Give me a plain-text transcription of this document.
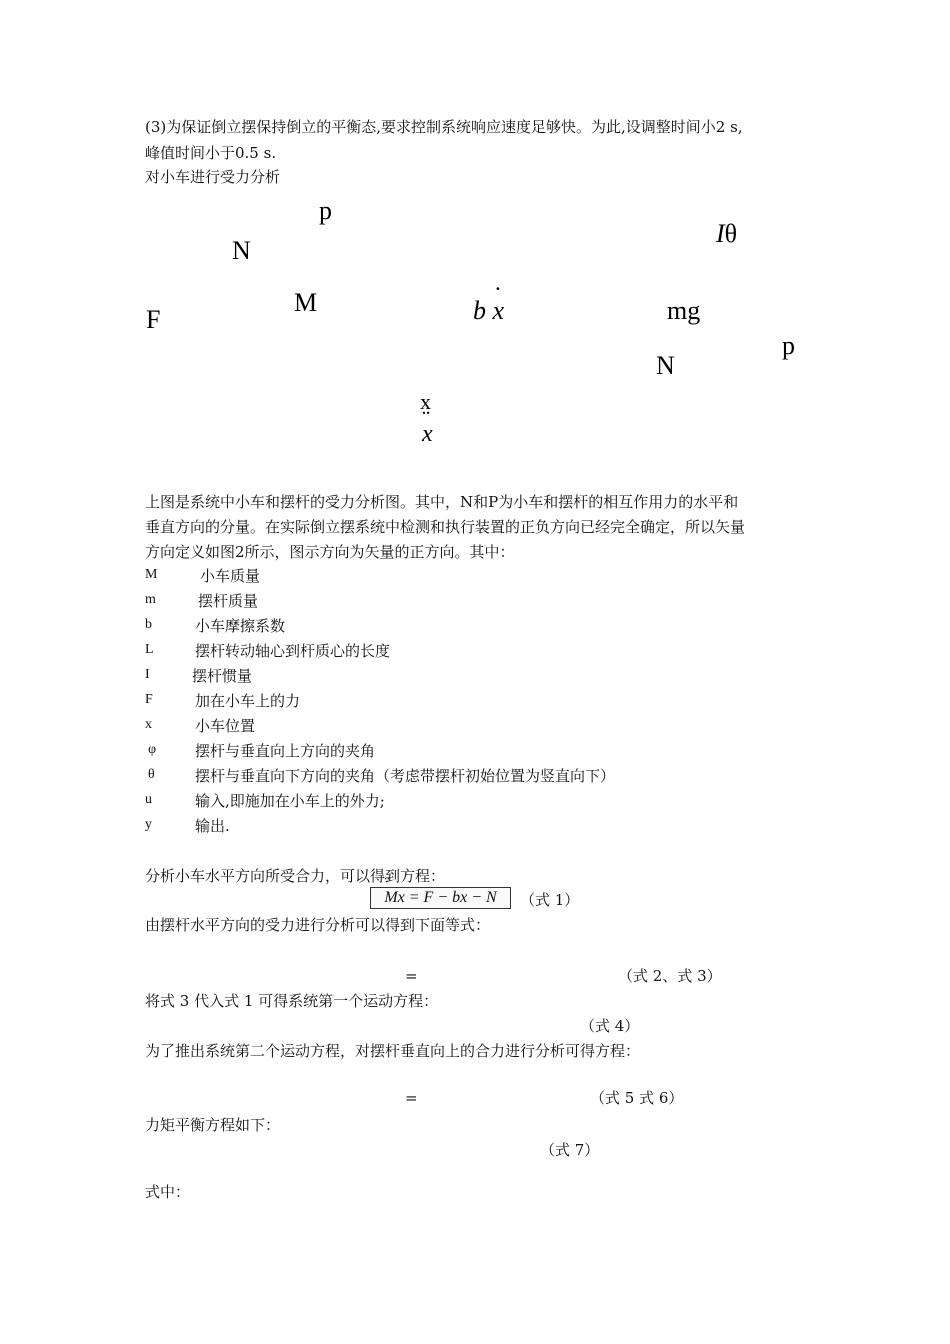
(3)为保证倒立摆保持倒立的平衡态,要求控制系统响应速度足够快。为此,设调整时间小2 s,
峰值时间小于0.5 s.
对小车进行受力分析
p
N
Iθ
M
F	b ˙ x	mg
p
N
x
¨ x
上图是系统中小车和摆杆的受力分析图。其中，N和P为小车和摆杆的相互作用力的水平和
垂直方向的分量。在实际倒立摆系统中检测和执行装置的正负方向已经完全确定，所以矢量
方向定义如图2所示，图示方向为矢量的正方向。其中：
M	小车质量
m	摆杆质量
b	小车摩擦系数
L	摆杆转动轴心到杆质心的长度
I	摆杆惯量
F	加在小车上的力
x	小车位置
φ	摆杆与垂直向上方向的夹角
θ	摆杆与垂直向下方向的夹角（考虑带摆杆初始位置为竖直向下）
u	输入,即施加在小车上的外力;
y	输出.
分析小车水平方向所受合力，可以得到方程：
¨ Mx = F − bx − N	（式 1）
由摆杆水平方向的受力进行分析可以得到下面等式：
=	（式 2、式 3）
将式 3 代入式 1 可得系统第一个运动方程：
（式 4）
为了推出系统第二个运动方程，对摆杆垂直向上的合力进行分析可得方程：
=	（式 5 式 6）
力矩平衡方程如下：
（式 7）
式中：
